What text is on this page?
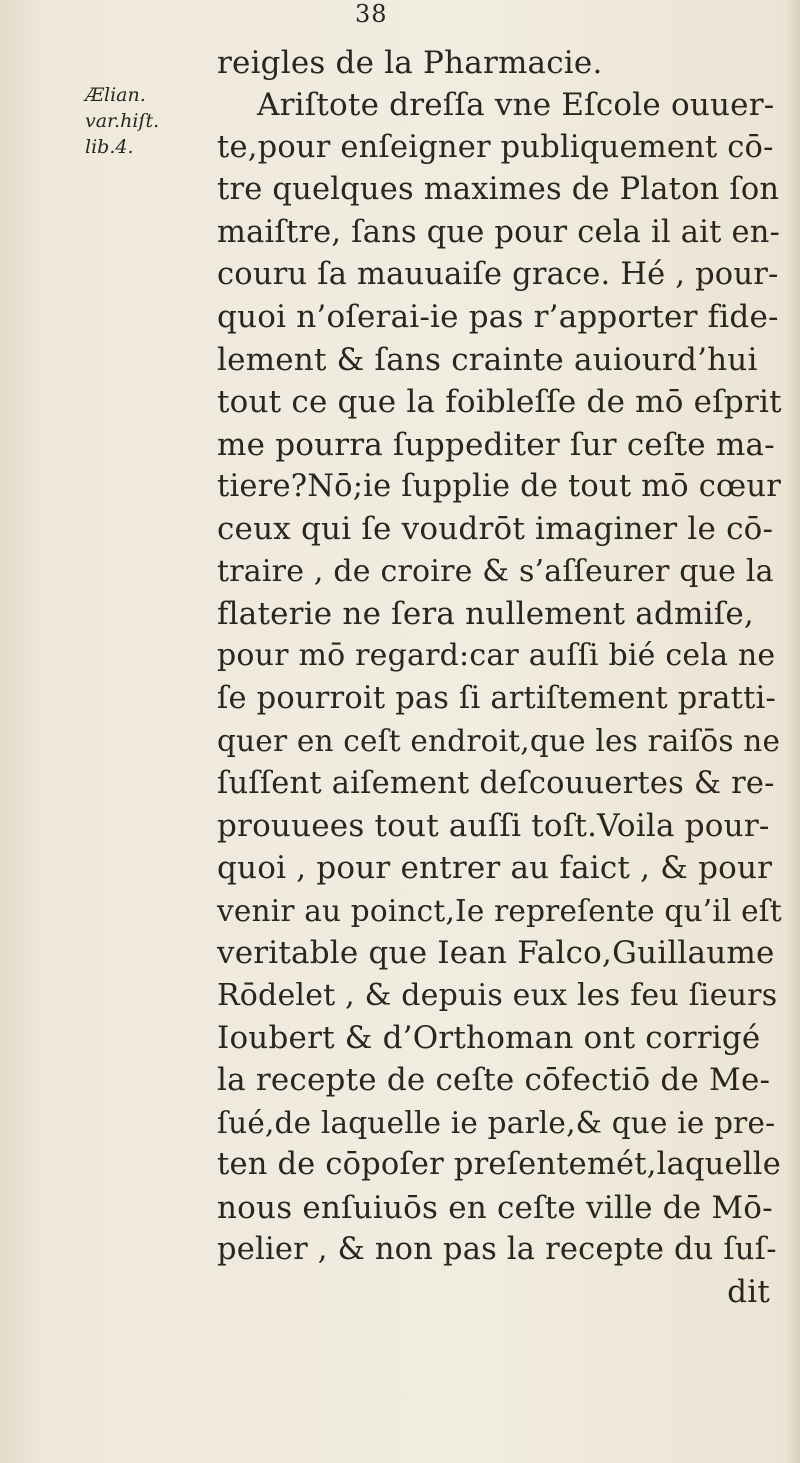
38
Ælian.
var.hiſt.
lib.4.
reigles de la Pharmacie.
Ariſtote dreſſa vne Eſcole ouuer-
te,pour enſeigner publiquement cō-
tre quelques maximes de Platon ſon
maiſtre, ſans que pour cela il ait en-
couru ſa mauuaiſe grace. Hé , pour-
quoi n’oſerai-ie pas r’apporter fide-
lement & ſans crainte auiourd’hui
tout ce que la foibleſſe de mō eſprit
me pourra ſuppediter ſur ceſte ma-
tiere?Nō;ie ſupplie de tout mō cœur
ceux qui ſe voudrōt imaginer le cō-
traire , de croire & s’aſſeurer que la
flaterie ne ſera nullement admiſe,
pour mō regard:car auſſi bié cela ne
ſe pourroit pas ſi artiſtement pratti-
quer en ceſt endroit,que les raiſōs ne
ſuſſent aiſement deſcouuertes & re-
prouuees tout auſſi toſt.Voila pour-
quoi , pour entrer au faict , & pour
venir au poinct,Ie repreſente qu’il eſt
veritable que Iean Falco,Guillaume
Rōdelet , & depuis eux les feu ſieurs
Ioubert & d’Orthoman ont corrigé
la recepte de ceſte cōfectiō de Me-
ſué,de laquelle ie parle,& que ie pre-
ten de cōpoſer preſentemét,laquelle
nous enſuiuōs en ceſte ville de Mō-
pelier , & non pas la recepte du ſuſ-
dit
